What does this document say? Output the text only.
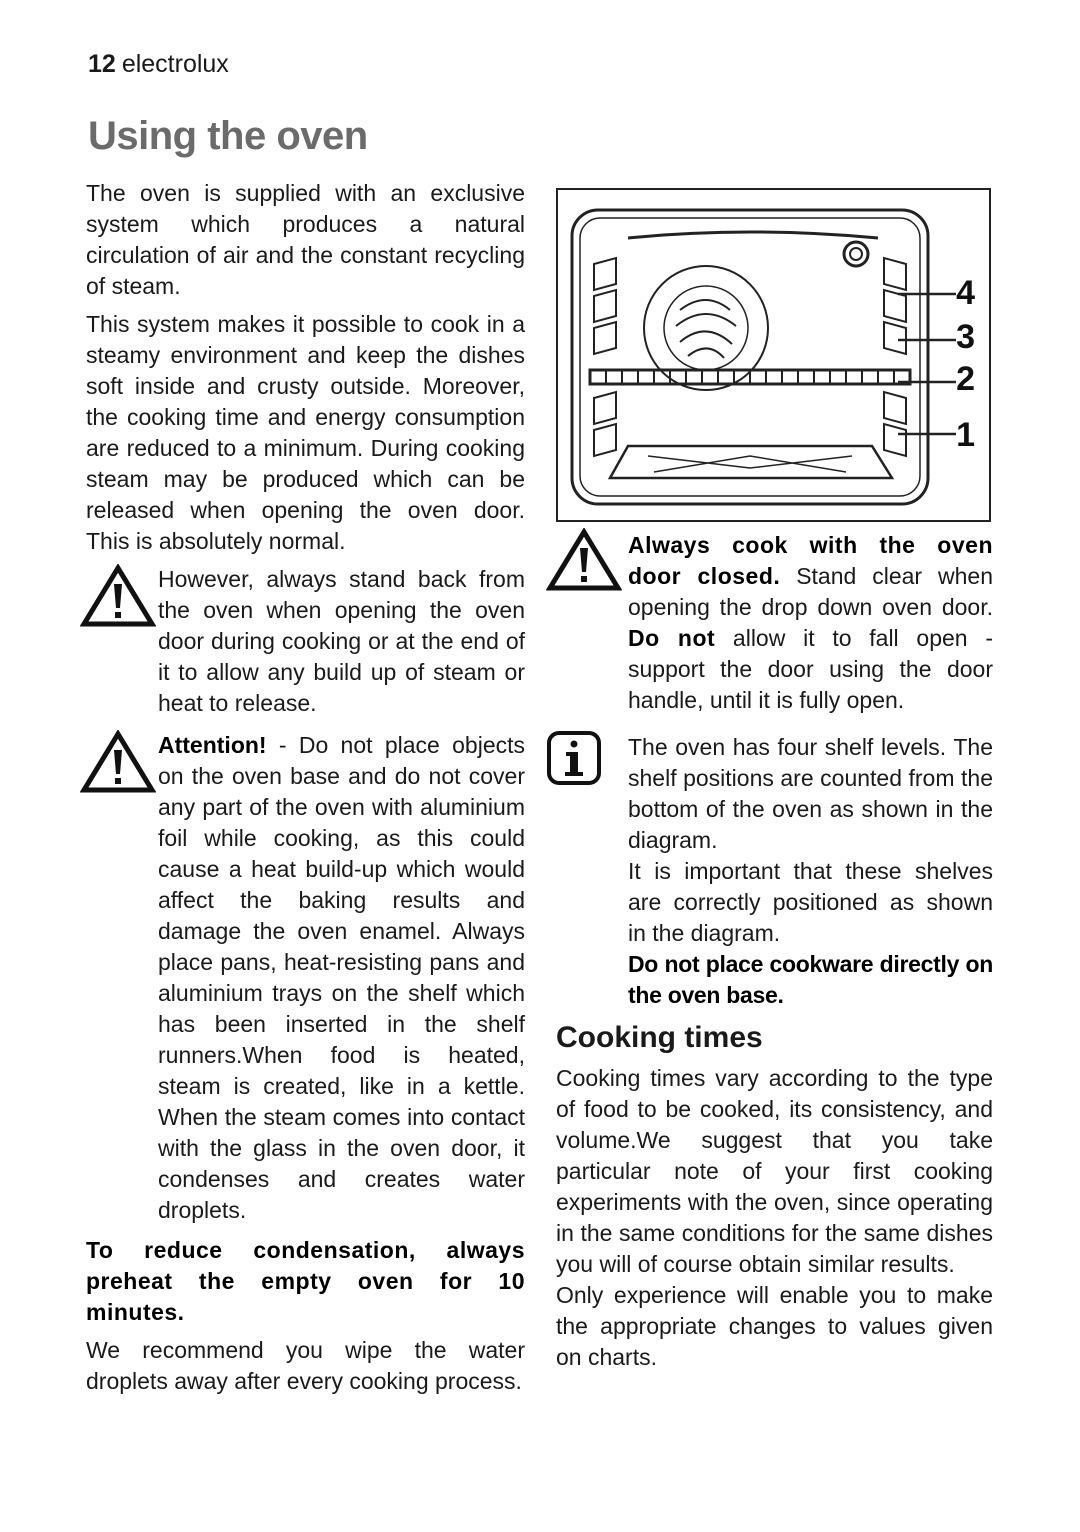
12 electrolux
Using the oven

The oven is supplied with an exclusive system which produces a natural circulation of air and the constant recycling of steam.

This system makes it possible to cook in a steamy environment and keep the dishes soft inside and crusty outside. Moreover, the cooking time and energy consumption are reduced to a minimum. During cooking steam may be produced which can be released when opening the oven door. This is absolutely normal.

However, always stand back from the oven when opening the oven door during cooking or at the end of it to allow any build up of steam or heat to release.

Attention! - Do not place objects on the oven base and do not cover any part of the oven with aluminium foil while cooking, as this could cause a heat build-up which would affect the baking results and damage the oven enamel. Always place pans, heat-resisting pans and aluminium trays on the shelf which has been inserted in the shelf runners.When food is heated, steam is created, like in a kettle. When the steam comes into contact with the glass in the oven door, it condenses and creates water droplets.

To reduce condensation, always preheat the empty oven for 10 minutes.

We recommend you wipe the water droplets away after every cooking process.

4
3
2
1

Always cook with the oven door closed. Stand clear when opening the drop down oven door. Do not allow it to fall open - support the door using the door handle, until it is fully open.

The oven has four shelf levels. The shelf positions are counted from the bottom of the oven as shown in the diagram.

It is important that these shelves are correctly positioned as shown in the diagram.

Do not place cookware directly on the oven base.

Cooking times

Cooking times vary according to the type of food to be cooked, its consistency, and volume.We suggest that you take particular note of your first cooking experiments with the oven, since operating in the same conditions for the same dishes you will of course obtain similar results.

Only experience will enable you to make the appropriate changes to values given on charts.
